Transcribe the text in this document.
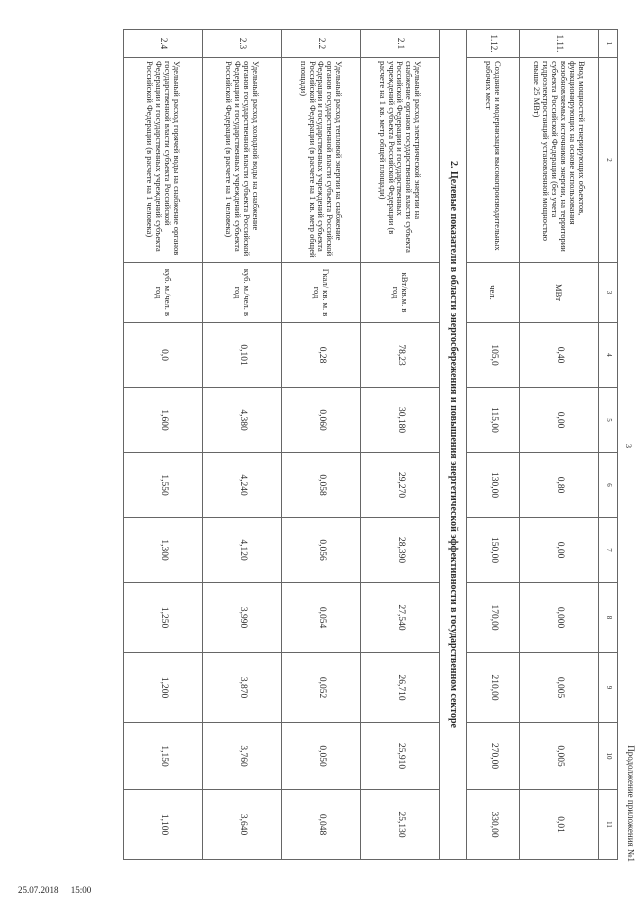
3
Продолжение приложения №1
1	2	3	4	5	6	7	8	9	10	11
1.11.	Ввод мощностей генерирующих объектов, функционирующих на основе использования возобновляемых источников энергии, на территории субъекта Российской Федерации (без учета гидроэлектростанций установленной мощностью свыше 25 МВт)	МВт	0,40	0,00	0,80	0,00	0,000	0,005	0,005	0,01
1.12.	Создание и модернизация высокопроизводительных рабочих мест	чел.	105,0	115,00	130,00	150,00	170,00	210,00	270,00	330,00
2. Целевые показатели в области энергосбережения и повышения энергетической эффективности в государственном секторе										
2.1	Удельный расход электрической энергии на снабжение органов государственной власти субъекта Российской Федерации и государственных учреждений субъекта Российской Федерации (в расчете на 1 кв. метр общей площади)	кВт/кв.м. в год	78,23	30,180	29,270	28,390	27,540	26,710	25,910	25,130
2.2	Удельный расход тепловой энергии на снабжение органов государственной власти субъекта Российской Федерации и государственных учреждений субъекта Российской Федерации (в расчете на 1 кв. метр общей площади)	Гкал/ кв. м. в год	0,28	0,060	0,058	0,056	0,054	0,052	0,050	0,048
2.3	Удельный расход холодной воды на снабжение органов государственной власти субъекта Российской Федерации и государственных учреждений субъекта Российской Федерации (в расчете на 1 человека)	куб. м./чел. в год	0,101	4,380	4,240	4,120	3,990	3,870	3,760	3,640
2.4	Удельный расход горячей воды на снабжение органов государственной власти субъекта Российской Федерации и государственных учреждений субъекта Российской Федерации (в расчете на 1 человека)	куб. м./чел. в год	0,0	1,600	1,550	1,300	1,250	1,200	1,150	1,100
25.07.2018 15:00
